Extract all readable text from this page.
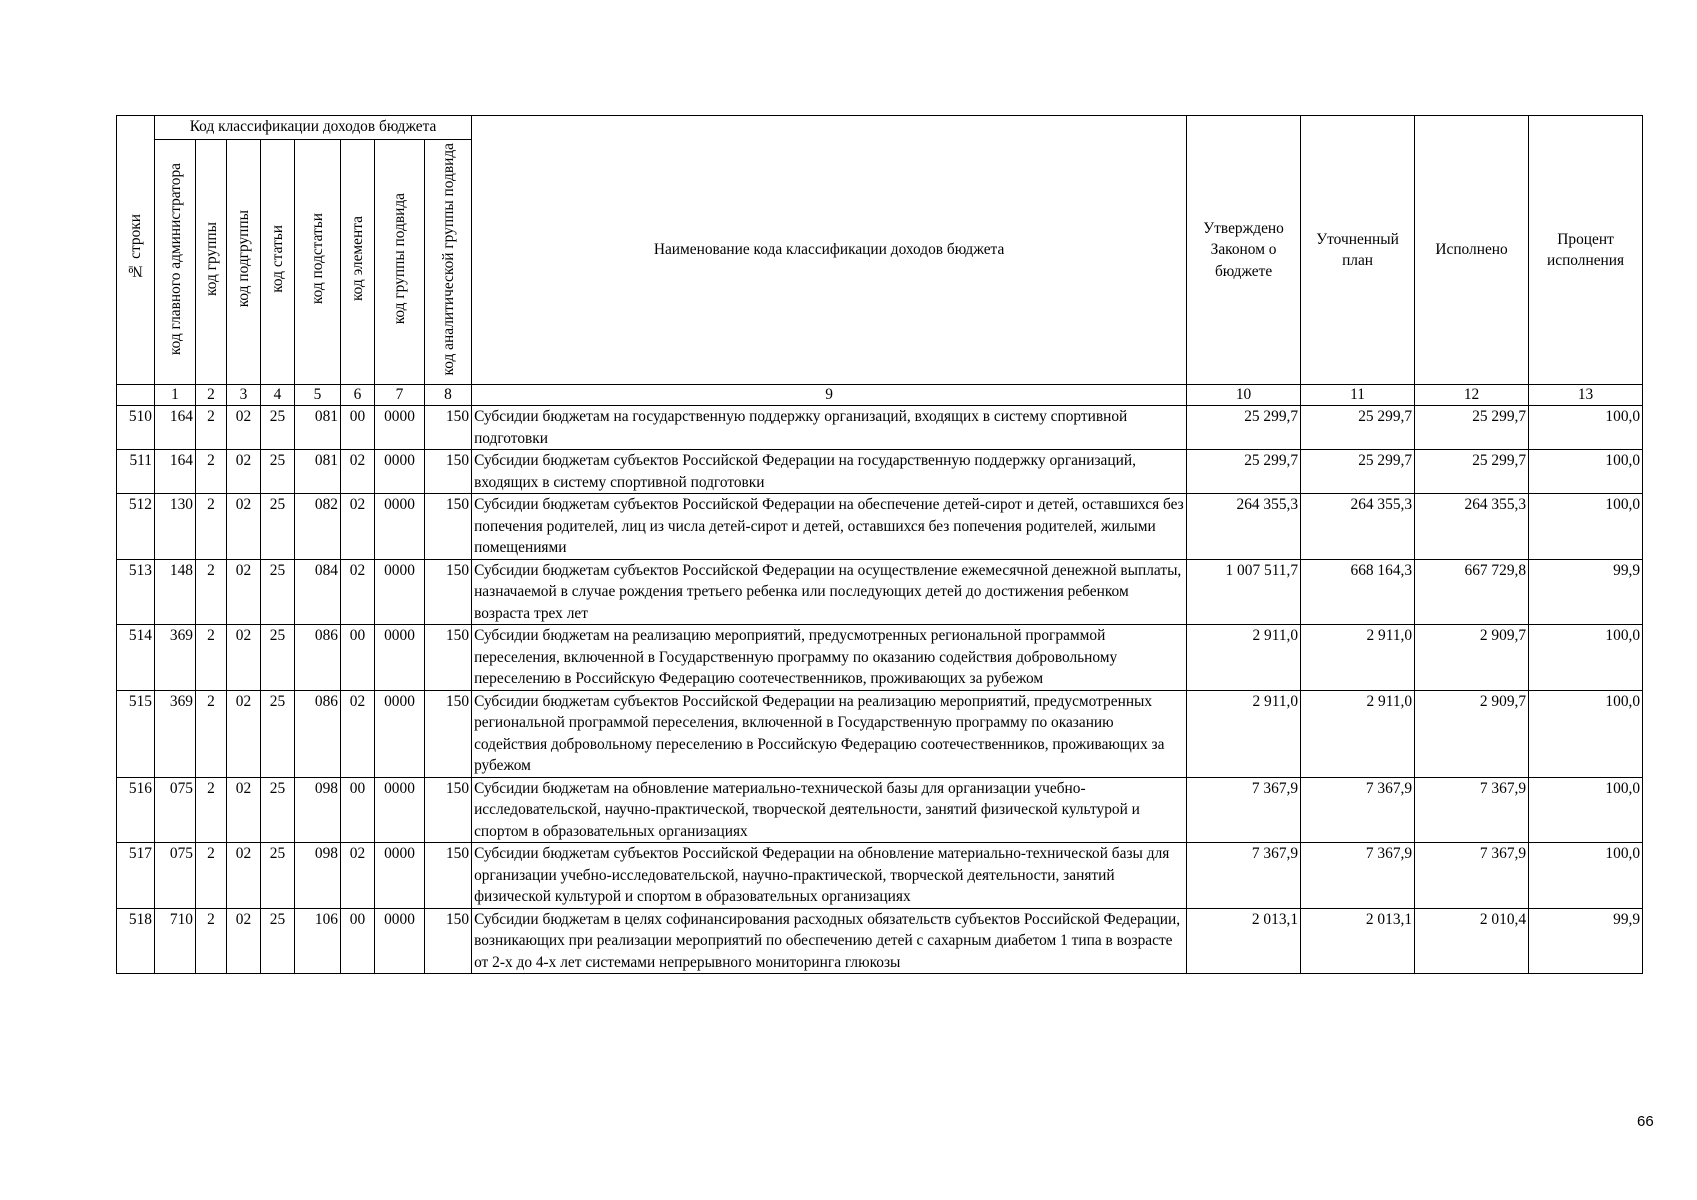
№ строки	Код классификации доходов бюджета								Наименование кода классификации доходов бюджета	Утверждено Законом о бюджете	Уточненный план	Исполнено	Процент исполнения
	код главного администратора	код группы	код подгруппы	код статьи	код подстатьи	код элемента	код группы подвида	код аналитической группы подвида					
	1	2	3	4	5	6	7	8	9	10	11	12	13
510	164	2	02	25	081	00	0000	150	Субсидии бюджетам на государственную поддержку организаций, входящих в систему спортивной подготовки	25 299,7	25 299,7	25 299,7	100,0
511	164	2	02	25	081	02	0000	150	Субсидии бюджетам субъектов Российской Федерации на государственную поддержку организаций, входящих в систему спортивной подготовки	25 299,7	25 299,7	25 299,7	100,0
512	130	2	02	25	082	02	0000	150	Субсидии бюджетам субъектов Российской Федерации на обеспечение детей-сирот и детей, оставшихся без попечения родителей, лиц из числа детей-сирот и детей, оставшихся без попечения родителей, жилыми помещениями	264 355,3	264 355,3	264 355,3	100,0
513	148	2	02	25	084	02	0000	150	Субсидии бюджетам субъектов Российской Федерации на осуществление ежемесячной денежной выплаты, назначаемой в случае рождения третьего ребенка или последующих детей до достижения ребенком возраста трех лет	1 007 511,7	668 164,3	667 729,8	99,9
514	369	2	02	25	086	00	0000	150	Субсидии бюджетам на реализацию мероприятий, предусмотренных региональной программой переселения, включенной в Государственную программу по оказанию содействия добровольному переселению в Российскую Федерацию соотечественников, проживающих за рубежом	2 911,0	2 911,0	2 909,7	100,0
515	369	2	02	25	086	02	0000	150	Субсидии бюджетам субъектов Российской Федерации на реализацию мероприятий, предусмотренных региональной программой переселения, включенной в Государственную программу по оказанию содействия добровольному переселению в Российскую Федерацию соотечественников, проживающих за рубежом	2 911,0	2 911,0	2 909,7	100,0
516	075	2	02	25	098	00	0000	150	Субсидии бюджетам на обновление материально-технической базы для организации учебно-исследовательской, научно-практической, творческой деятельности, занятий физической культурой и спортом в образовательных организациях	7 367,9	7 367,9	7 367,9	100,0
517	075	2	02	25	098	02	0000	150	Субсидии бюджетам субъектов Российской Федерации на обновление материально-технической базы для организации учебно-исследовательской, научно-практической, творческой деятельности, занятий физической культурой и спортом в образовательных организациях	7 367,9	7 367,9	7 367,9	100,0
518	710	2	02	25	106	00	0000	150	Субсидии бюджетам в целях софинансирования расходных обязательств субъектов Российской Федерации, возникающих при реализации мероприятий по обеспечению детей с сахарным диабетом 1 типа в возрасте от 2-х до 4-х лет системами непрерывного мониторинга глюкозы	2 013,1	2 013,1	2 010,4	99,9
66
